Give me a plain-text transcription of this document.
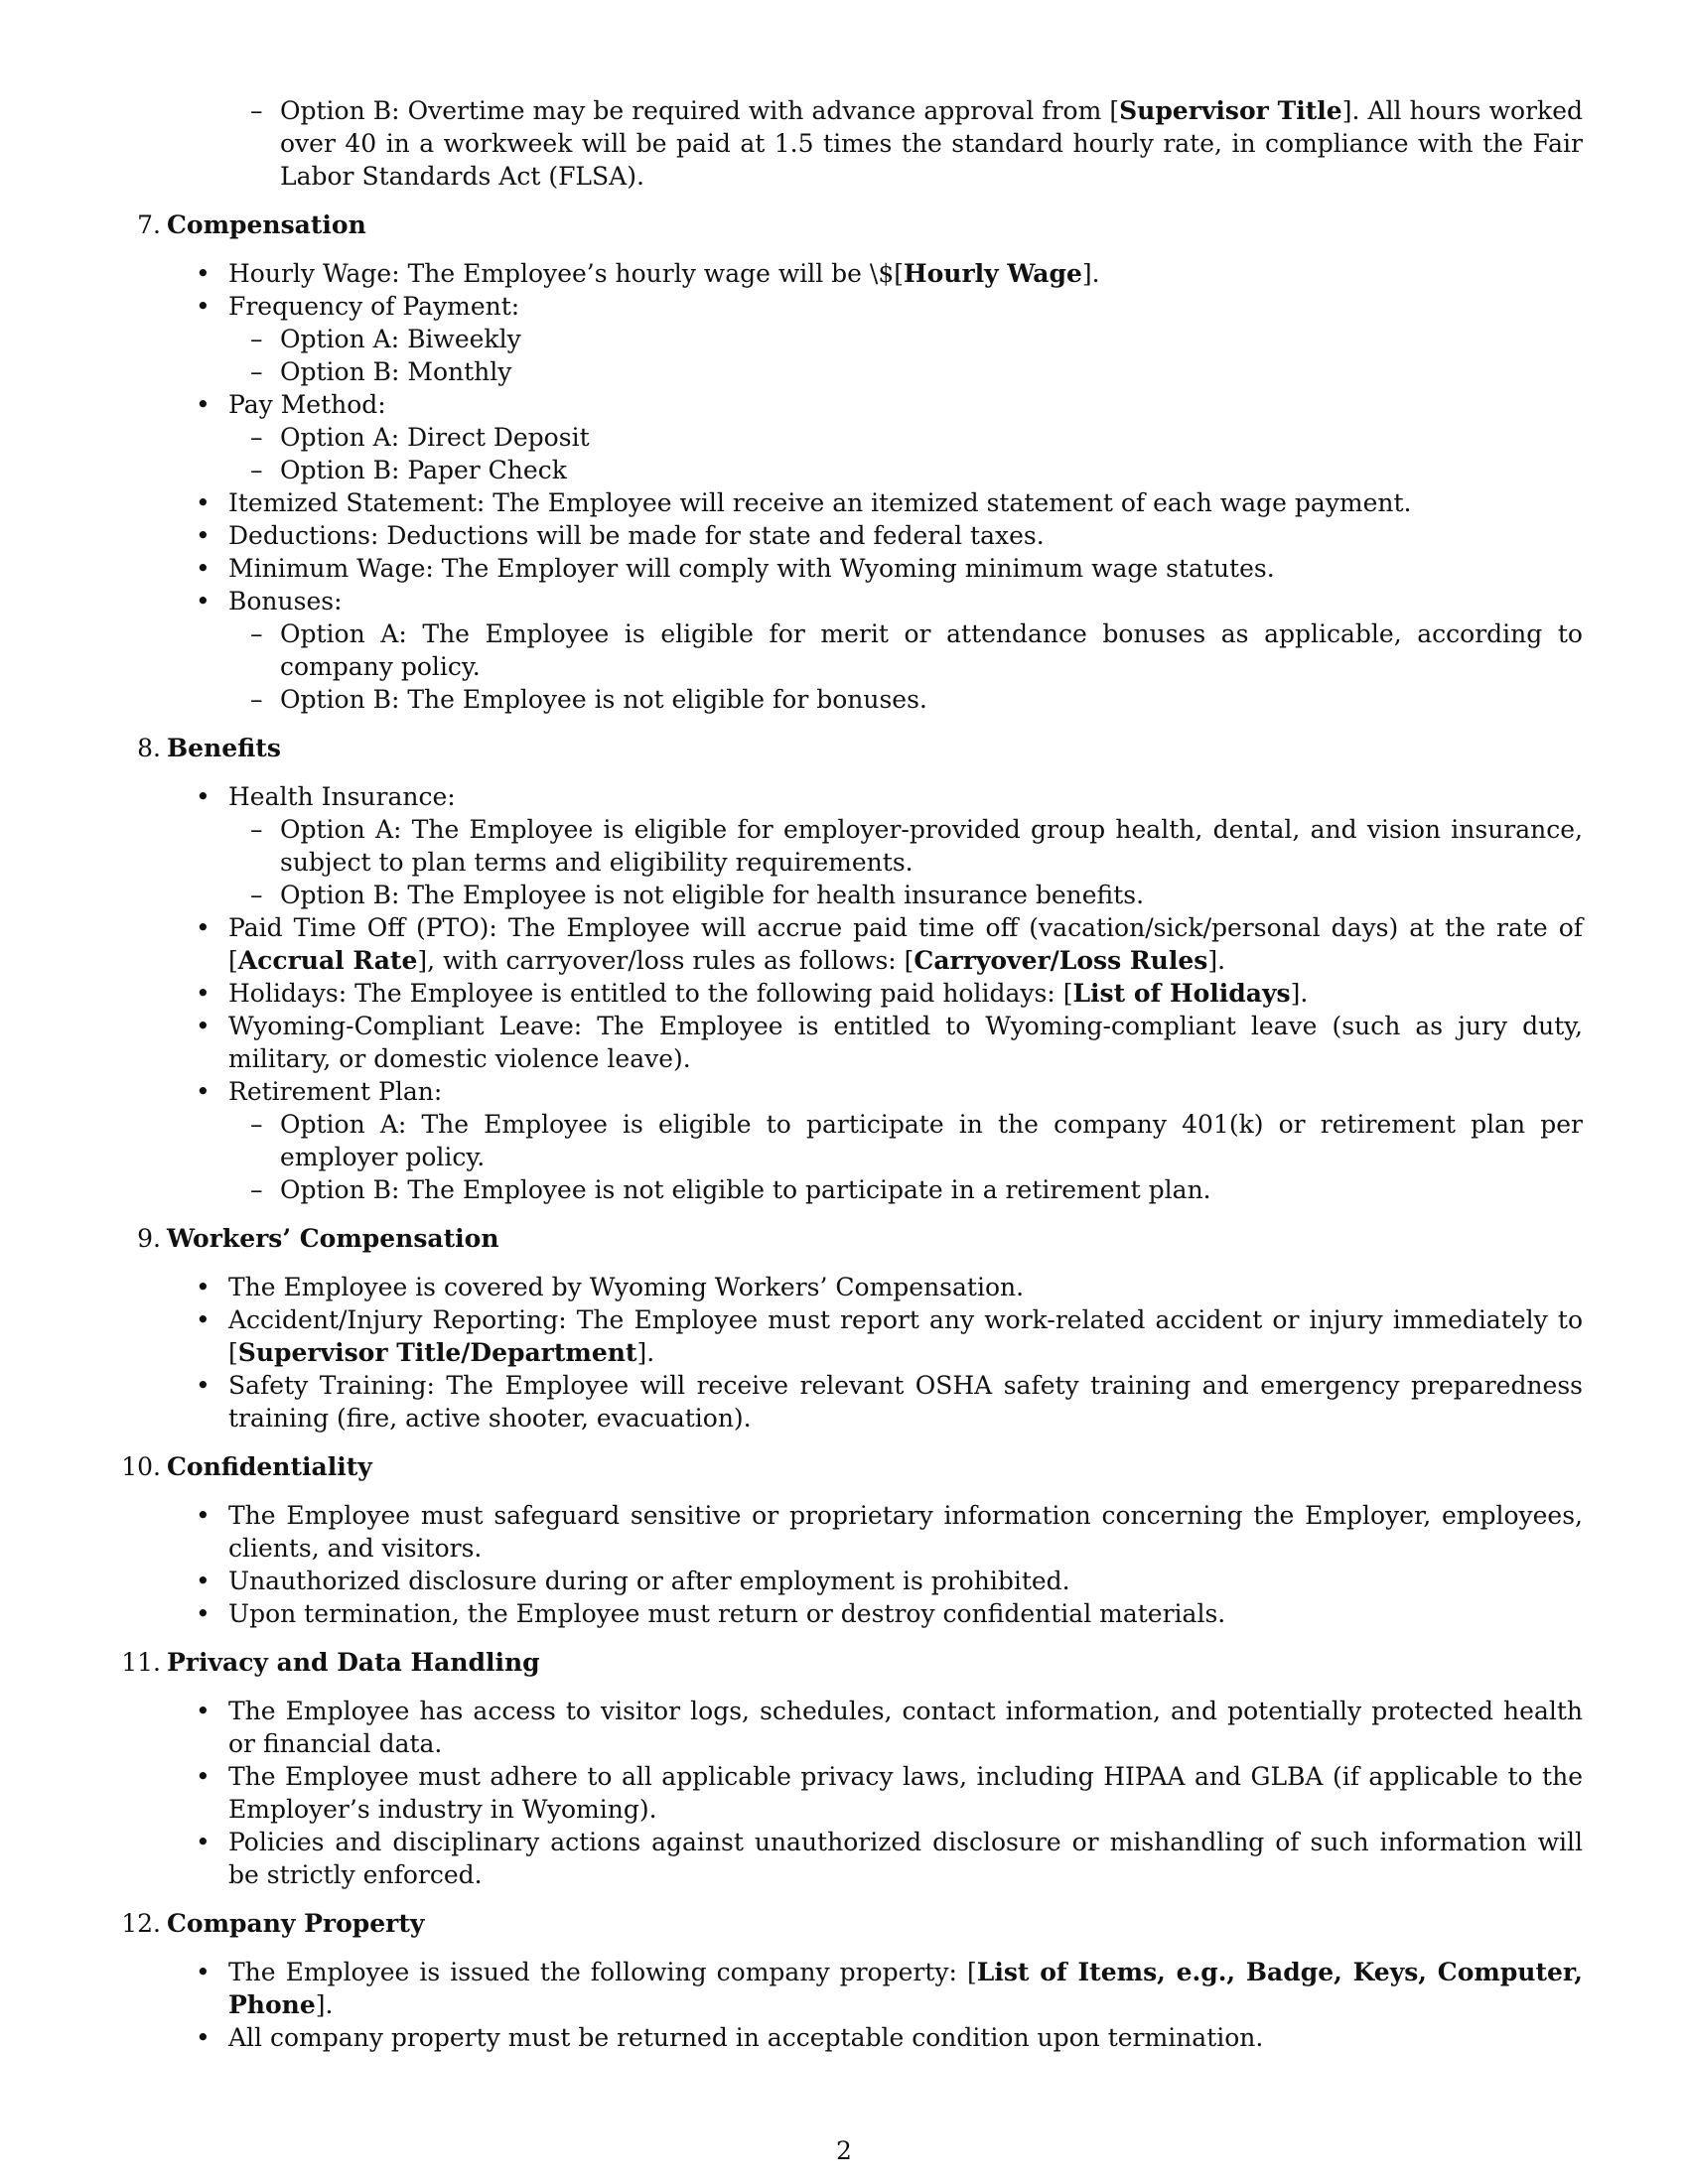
– Option B: Overtime may be required with advance approval from [Supervisor Title]. All hours worked over 40 in a workweek will be paid at 1.5 times the standard hourly rate, in compliance with the Fair Labor Standards Act (FLSA).
7. Compensation
• Hourly Wage: The Employee’s hourly wage will be \$[Hourly Wage].
• Frequency of Payment:
– Option A: Biweekly
– Option B: Monthly
• Pay Method:
– Option A: Direct Deposit
– Option B: Paper Check
• Itemized Statement: The Employee will receive an itemized statement of each wage payment.
• Deductions: Deductions will be made for state and federal taxes.
• Minimum Wage: The Employer will comply with Wyoming minimum wage statutes.
• Bonuses:
– Option A: The Employee is eligible for merit or attendance bonuses as applicable, according to company policy.
– Option B: The Employee is not eligible for bonuses.
8. Benefits
• Health Insurance:
– Option A: The Employee is eligible for employer-provided group health, dental, and vision insurance, subject to plan terms and eligibility requirements.
– Option B: The Employee is not eligible for health insurance benefits.
• Paid Time Off (PTO): The Employee will accrue paid time off (vacation/sick/personal days) at the rate of [Accrual Rate], with carryover/loss rules as follows: [Carryover/Loss Rules].
• Holidays: The Employee is entitled to the following paid holidays: [List of Holidays].
• Wyoming-Compliant Leave: The Employee is entitled to Wyoming-compliant leave (such as jury duty, military, or domestic violence leave).
• Retirement Plan:
– Option A: The Employee is eligible to participate in the company 401(k) or retirement plan per employer policy.
– Option B: The Employee is not eligible to participate in a retirement plan.
9. Workers’ Compensation
• The Employee is covered by Wyoming Workers’ Compensation.
• Accident/Injury Reporting: The Employee must report any work-related accident or injury immediately to [Supervisor Title/Department].
• Safety Training: The Employee will receive relevant OSHA safety training and emergency preparedness training (fire, active shooter, evacuation).
10. Confidentiality
• The Employee must safeguard sensitive or proprietary information concerning the Employer, employees, clients, and visitors.
• Unauthorized disclosure during or after employment is prohibited.
• Upon termination, the Employee must return or destroy confidential materials.
11. Privacy and Data Handling
• The Employee has access to visitor logs, schedules, contact information, and potentially protected health or financial data.
• The Employee must adhere to all applicable privacy laws, including HIPAA and GLBA (if applicable to the Employer’s industry in Wyoming).
• Policies and disciplinary actions against unauthorized disclosure or mishandling of such information will be strictly enforced.
12. Company Property
• The Employee is issued the following company property: [List of Items, e.g., Badge, Keys, Computer, Phone].
• All company property must be returned in acceptable condition upon termination.
2
